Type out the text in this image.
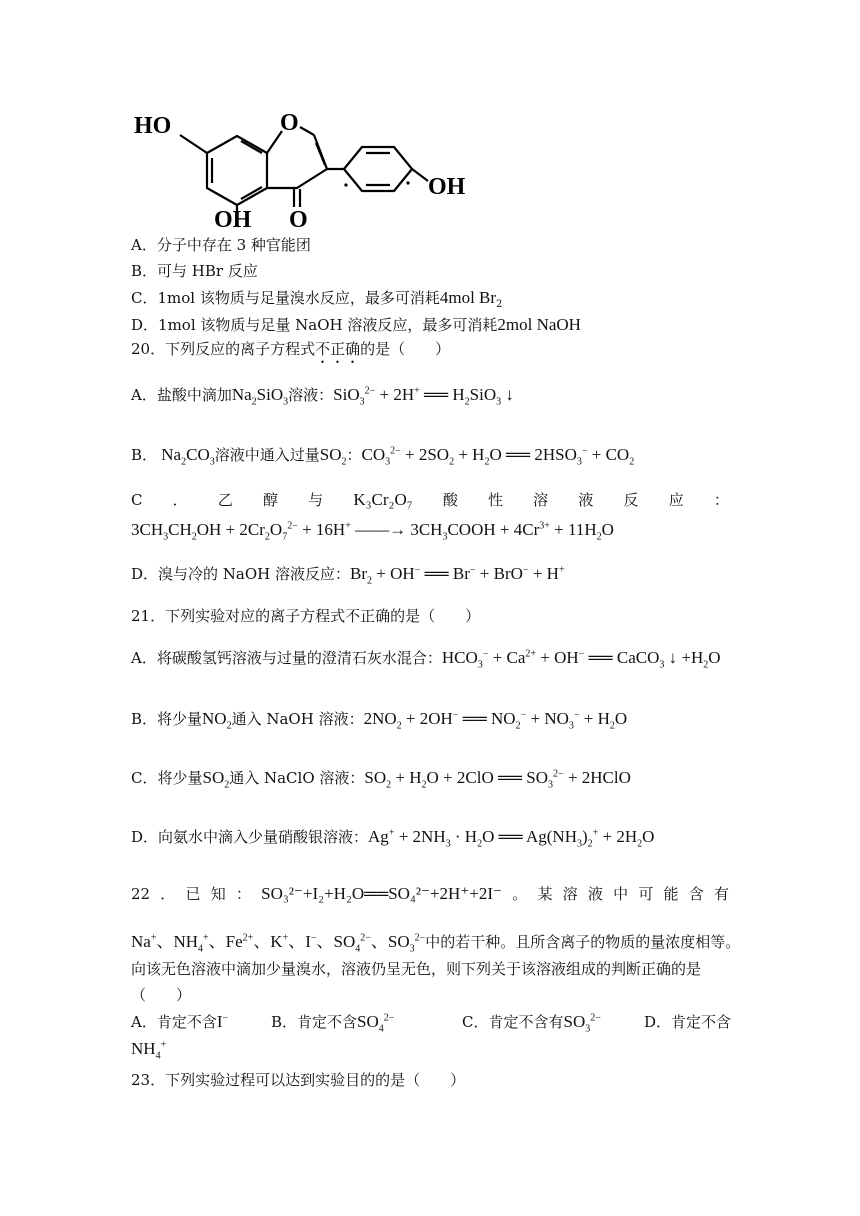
HO	O
OH
OH O
A．分子中存在 3 种官能团
B．可与 HBr 反应
C．1mol 该物质与足量溴水反应，最多可消耗4mol $Br_2$
D．1mol 该物质与足量 NaOH 溶液反应，最多可消耗2mol NaOH
20．下列反应的离子方程式不正确的是（　　）
A．盐酸中滴加$Na_2SiO_3$溶液：SiO$_3^{2-}$ + 2H+ ══ $H_2SiO_3$ ↓
B． $Na_2CO_3$溶液中通入过量$SO_2$：$CO_3^{2-} + 2SO_2 + H_2O$ ══ $2HSO_3^- + CO_2$
C ． 乙 醇 与 K₃Cr₂O₇ 酸 性 溶 液 反 应 ：
$3CH_3CH_2OH + 2Cr_2O_7^{2-} + 16H^+$ ——→ $3CH_3COOH + 4Cr^{3+} + 11H_2O$
D．溴与冷的 NaOH 溶液反应：$Br_2 + OH^-$ ══ Br− + BrO− + H+
21．下列实验对应的离子方程式不正确的是（　　）
A．将碳酸氢钙溶液与过量的澄清石灰水混合：$HCO_3^- + Ca^{2+} + OH^-$ ══ CaCO$_3$ ↓ $+H_2O$
B．将少量$NO_2$通入 NaOH 溶液：$2NO_2 + 2OH^-$ ══ $NO_2^- + NO_3^- + H_2O$
C．将少量$SO_2$通入 NaClO 溶液：$SO_2 + H_2O + 2ClO$ ══ $SO_3^{2-}$ + 2HClO
D．向氨水中滴入少量硝酸银溶液：$Ag^+ + 2NH_3 \cdot H_2O$ ══ $Ag(NH_3)_2^+ + 2H_2O$
22 ． 已 知 ： SO₃²⁻+I₂+H₂O══SO₄²⁻+2H⁺+2I⁻ 。 某 溶 液 中 可 能 含 有
Na+、$NH_4^+$、$Fe^{2+}$、K+、I−、$SO_4^{2-}$、$SO_3^{2-}$中的若干种。且所含离子的物质的量浓度相等。
向该无色溶液中滴加少量溴水，溶液仍呈无色，则下列关于该溶液组成的判断正确的是
（　　）
A．肯定不含I−	B．肯定不含$SO_4^{2-}$	C．肯定不含有$SO_3^{2-}$	D．肯定不含
$NH_4^+$
23．下列实验过程可以达到实验目的的是（　　）
